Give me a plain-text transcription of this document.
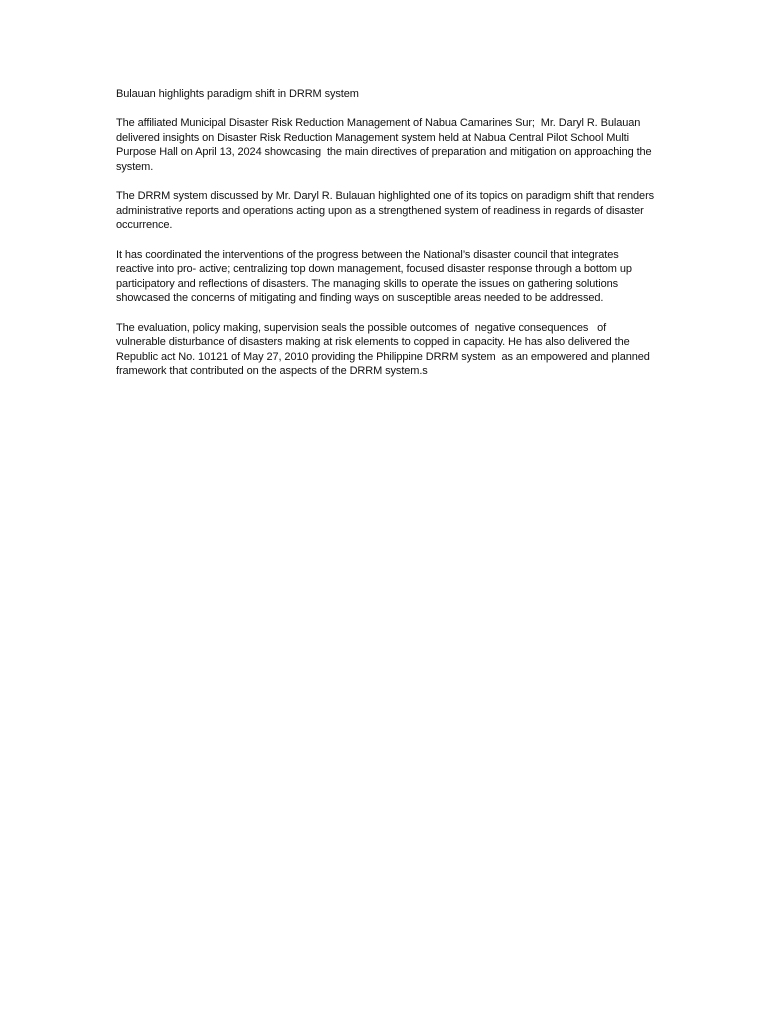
Bulauan highlights paradigm shift in DRRM system

The affiliated Municipal Disaster Risk Reduction Management of Nabua Camarines Sur;  Mr. Daryl R. Bulauan delivered insights on Disaster Risk Reduction Management system held at Nabua Central Pilot School Multi Purpose Hall on April 13, 2024 showcasing  the main directives of preparation and mitigation on approaching the system.

The DRRM system discussed by Mr. Daryl R. Bulauan highlighted one of its topics on paradigm shift that renders administrative reports and operations acting upon as a strengthened system of readiness in regards of disaster occurrence.

It has coordinated the interventions of the progress between the National’s disaster council that integrates reactive into pro- active; centralizing top down management, focused disaster response through a bottom up participatory and reflections of disasters. The managing skills to operate the issues on gathering solutions showcased the concerns of mitigating and finding ways on susceptible areas needed to be addressed.

The evaluation, policy making, supervision seals the possible outcomes of  negative consequences   of vulnerable disturbance of disasters making at risk elements to copped in capacity. He has also delivered the Republic act No. 10121 of May 27, 2010 providing the Philippine DRRM system  as an empowered and planned framework that contributed on the aspects of the DRRM system.s
